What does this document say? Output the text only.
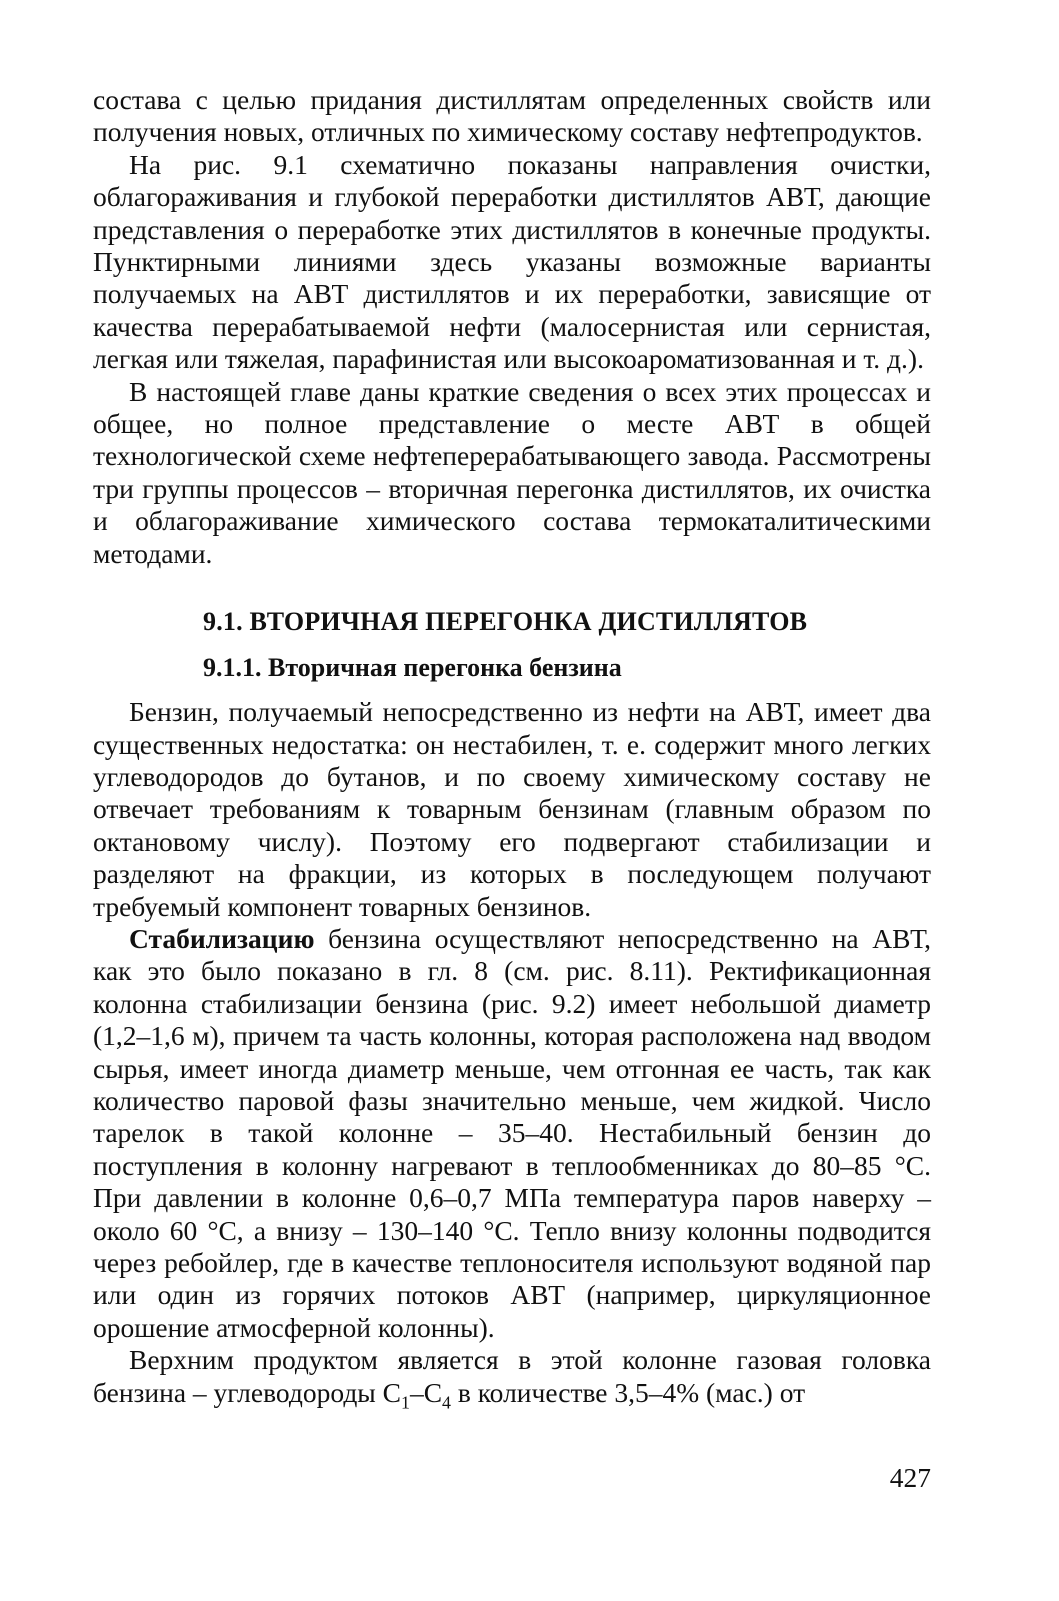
состава с целью придания дистиллятам определенных свойств или получения новых, отличных по химическому составу нефтепродуктов.

На рис. 9.1 схематично показаны направления очистки, облагораживания и глубокой переработки дистиллятов АВТ, дающие представления о переработке этих дистиллятов в конечные продукты. Пунктирными линиями здесь указаны возможные варианты получаемых на АВТ дистиллятов и их переработки, зависящие от качества перерабатываемой нефти (малосернистая или сернистая, легкая или тяжелая, парафинистая или высокоароматизованная и т. д.).

В настоящей главе даны краткие сведения о всех этих процессах и общее, но полное представление о месте АВТ в общей технологической схеме нефтеперерабатывающего завода. Рассмотрены три группы процессов – вторичная перегонка дистиллятов, их очистка и облагораживание химического состава термокаталитическими методами.

9.1. ВТОРИЧНАЯ ПЕРЕГОНКА ДИСТИЛЛЯТОВ
9.1.1. Вторичная перегонка бензина

Бензин, получаемый непосредственно из нефти на АВТ, имеет два существенных недостатка: он нестабилен, т. е. содержит много легких углеводородов до бутанов, и по своему химическому составу не отвечает требованиям к товарным бензинам (главным образом по октановому числу). Поэтому его подвергают стабилизации и разделяют на фракции, из которых в последующем получают требуемый компонент товарных бензинов.

Стабилизацию бензина осуществляют непосредственно на АВТ, как это было показано в гл. 8 (см. рис. 8.11). Ректификационная колонна стабилизации бензина (рис. 9.2) имеет небольшой диаметр (1,2–1,6 м), причем та часть колонны, которая расположена над вводом сырья, имеет иногда диаметр меньше, чем отгонная ее часть, так как количество паровой фазы значительно меньше, чем жидкой. Число тарелок в такой колонне – 35–40. Нестабильный бензин до поступления в колонну нагревают в теплообменниках до 80–85 °С. При давлении в колонне 0,6–0,7 МПа температура паров наверху – около 60 °С, а внизу – 130–140 °С. Тепло внизу колонны подводится через ребойлер, где в качестве теплоносителя используют водяной пар или один из горячих потоков АВТ (например, циркуляционное орошение атмосферной колонны).

Верхним продуктом является в этой колонне газовая головка бензина – углеводороды $С_1-С_4$ в количестве 3,5–4% (мас.) от

427
